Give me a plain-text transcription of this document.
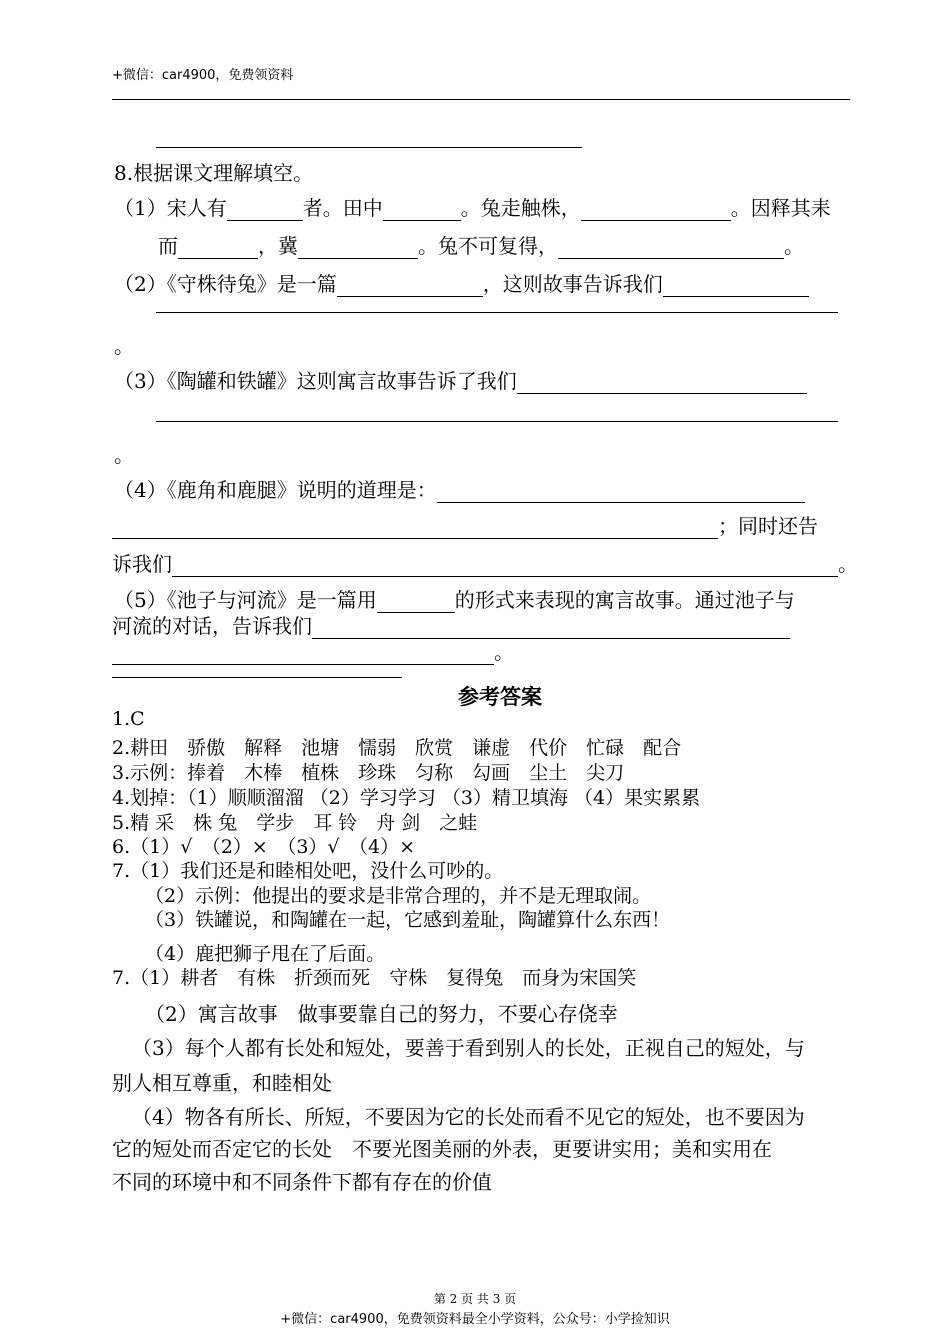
+微信：car4900，免费领资料
8.根据课文理解填空。
（1）宋人有	者。田中	。兔走触株，	。因释其耒
而	，冀	。兔不可复得，	。
（2）《守株待兔》是一篇	，这则故事告诉我们
。
（3）《陶罐和铁罐》这则寓言故事告诉了我们
。
（4）《鹿角和鹿腿》说明的道理是：
；同时还告
诉我们	。
（5）《池子与河流》是一篇用	的形式来表现的寓言故事。通过池子与
河流的对话，告诉我们
。
参考答案
1.C
2.耕田　骄傲　解释　池塘　懦弱　欣赏　谦虚　代价　忙碌　配合
3.示例：捧着　木棒　植株　珍珠　匀称　勾画　尘土　尖刀
4.划掉：（1）顺顺溜溜 （2）学习学习 （3）精卫填海 （4）果实累累
5.精 采　株 兔　学步　耳 铃　舟 剑　之蛙
6.（1）√　（2）×　（3）√　（4）×
7.（1）我们还是和睦相处吧，没什么可吵的。
（2）示例：他提出的要求是非常合理的，并不是无理取闹。
（3）铁罐说，和陶罐在一起，它感到羞耻，陶罐算什么东西！
（4）鹿把狮子甩在了后面。
7.（1）耕者　有株　折颈而死　守株　复得兔　而身为宋国笑
（2）寓言故事　做事要靠自己的努力，不要心存侥幸
（3）每个人都有长处和短处，要善于看到别人的长处，正视自己的短处，与
别人相互尊重，和睦相处
（4）物各有所长、所短，不要因为它的长处而看不见它的短处，也不要因为
它的短处而否定它的长处　不要光图美丽的外表，更要讲实用；美和实用在
不同的环境中和不同条件下都有存在的价值
第 2 页 共 3 页
+微信：car4900，免费领资料最全小学资料，公众号：小学捡知识
